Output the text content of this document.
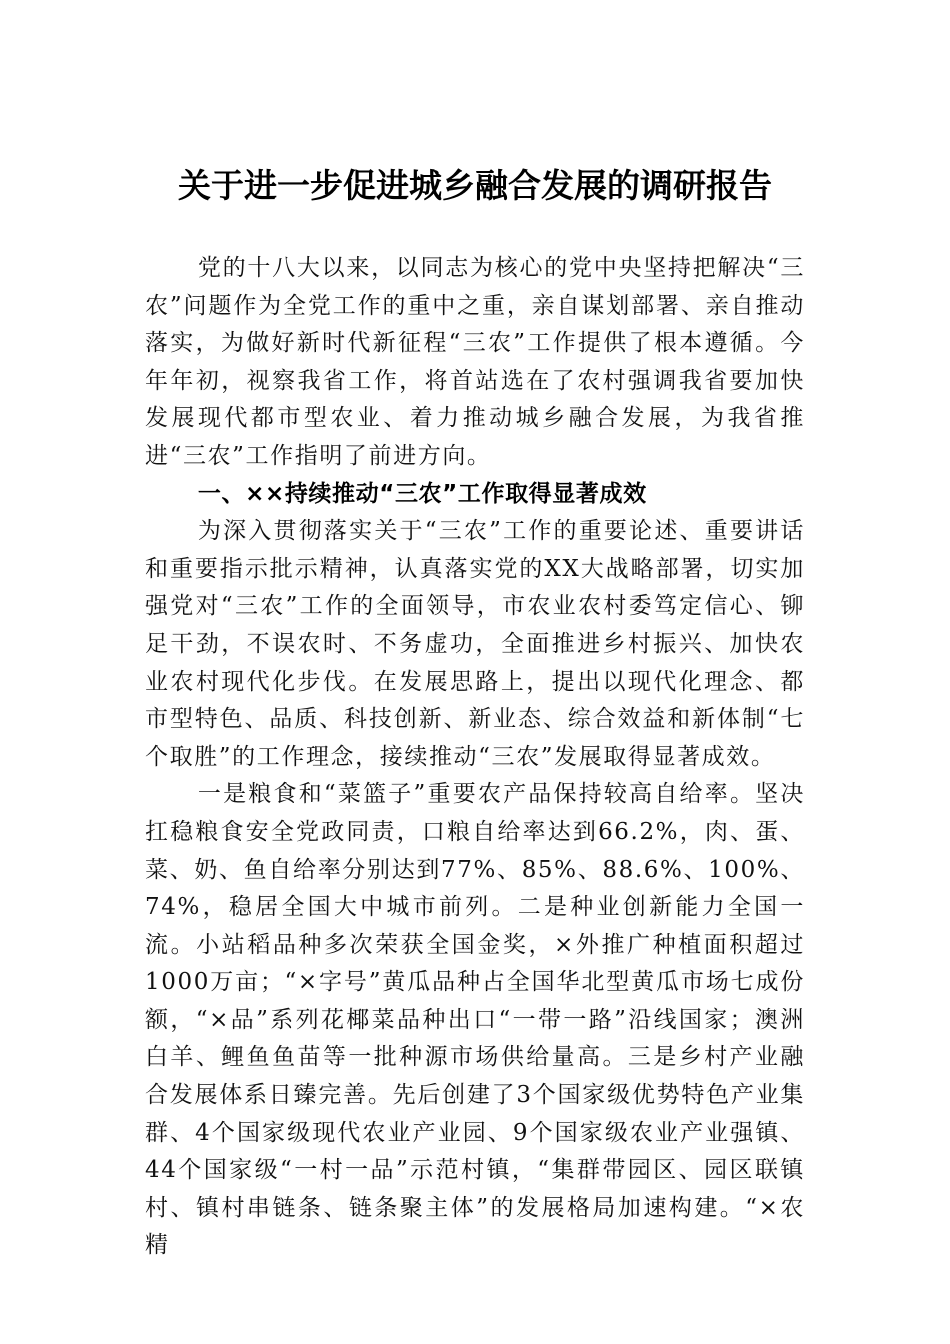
关于进一步促进城乡融合发展的调研报告

党的十八大以来，以同志为核心的党中央坚持把解决“三农”问题作为全党工作的重中之重，亲自谋划部署、亲自推动落实，为做好新时代新征程“三农”工作提供了根本遵循。今年年初，视察我省工作，将首站选在了农村强调我省要加快发展现代都市型农业、着力推动城乡融合发展，为我省推进“三农”工作指明了前进方向。

一、××持续推动“三农”工作取得显著成效

为深入贯彻落实关于“三农”工作的重要论述、重要讲话和重要指示批示精神，认真落实党的XX大战略部署，切实加强党对“三农”工作的全面领导，市农业农村委笃定信心、铆足干劲，不误农时、不务虚功，全面推进乡村振兴、加快农业农村现代化步伐。在发展思路上，提出以现代化理念、都市型特色、品质、科技创新、新业态、综合效益和新体制“七个取胜”的工作理念，接续推动“三农”发展取得显著成效。

一是粮食和“菜篮子”重要农产品保持较高自给率。坚决扛稳粮食安全党政同责，口粮自给率达到66.2%，肉、蛋、菜、奶、鱼自给率分别达到77%、85%、88.6%、100%、74%，稳居全国大中城市前列。二是种业创新能力全国一流。小站稻品种多次荣获全国金奖，×外推广种植面积超过1000万亩；“×字号”黄瓜品种占全国华北型黄瓜市场七成份额，“×品”系列花椰菜品种出口“一带一路”沿线国家；澳洲白羊、鲤鱼鱼苗等一批种源市场供给量高。三是乡村产业融合发展体系日臻完善。先后创建了3个国家级优势特色产业集群、4个国家级现代农业产业园、9个国家级农业产业强镇、44个国家级“一村一品”示范村镇，“集群带园区、园区联镇村、镇村串链条、链条聚主体”的发展格局加速构建。“×农精
